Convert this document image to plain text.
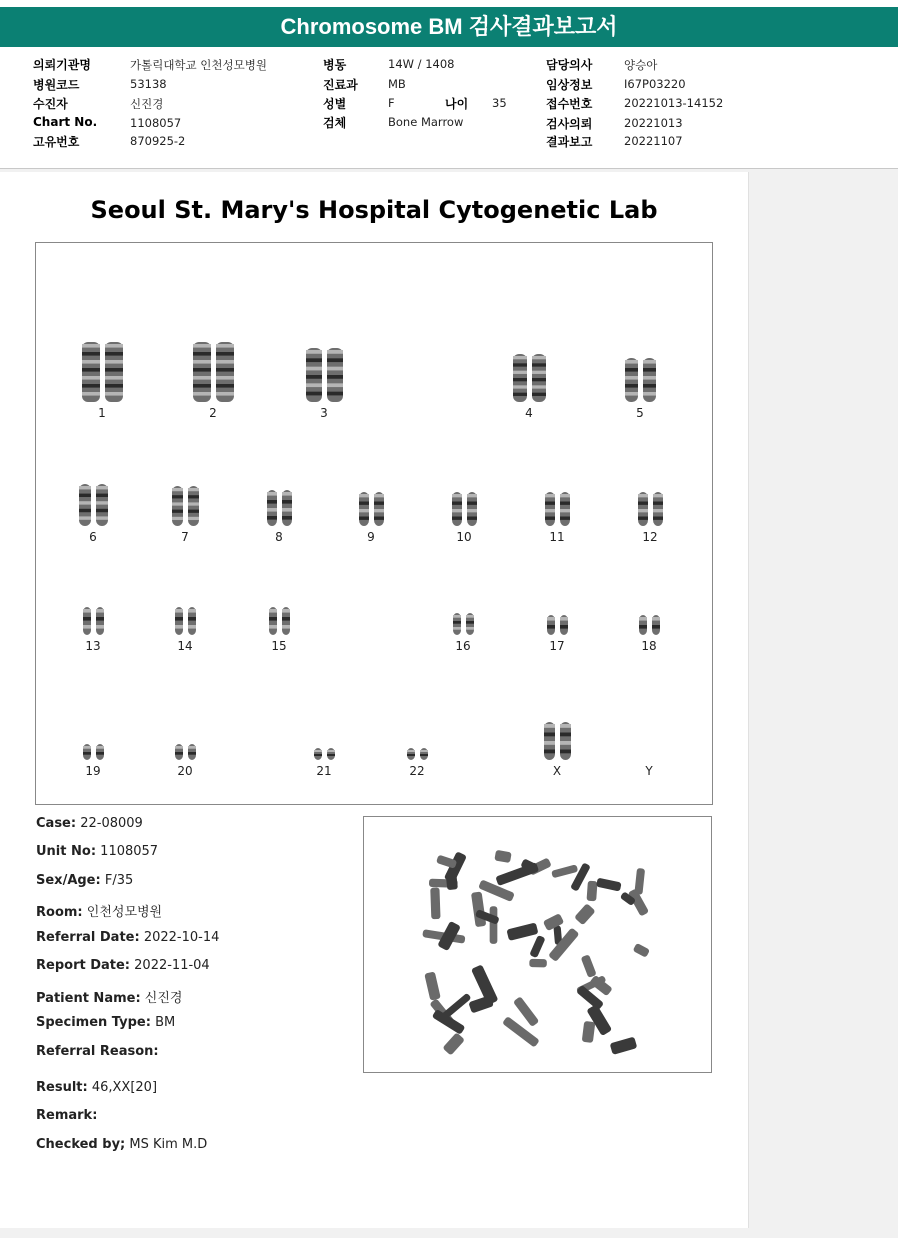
Chromosome BM 검사결과보고서
의뢰기관명	가톨릭대학교 인천성모병원
병원코드	53138
수진자	신진경
Chart No.	1108057
고유번호	870925-2
병동	14W / 1408
진료과	MB
성별	F	나이 35
검체	Bone Marrow
담당의사	양승아
임상정보	I67P03220
접수번호	20221013-14152
검사의뢰	20221013
결과보고	20221107
Seoul St. Mary's Hospital Cytogenetic Lab
1	2	3	4	5
6	7	8	9	10	11	12
13	14	15	16	17	18
19	20	21	22	X	Y
Case: 22-08009
Unit No: 1108057
Sex/Age: F/35
Room: 인천성모병원
Referral Date: 2022-10-14
Report Date: 2022-11-04
Patient Name: 신진경
Specimen Type: BM
Referral Reason:
Result: 46,XX[20]
Remark:
Checked by; MS Kim M.D
